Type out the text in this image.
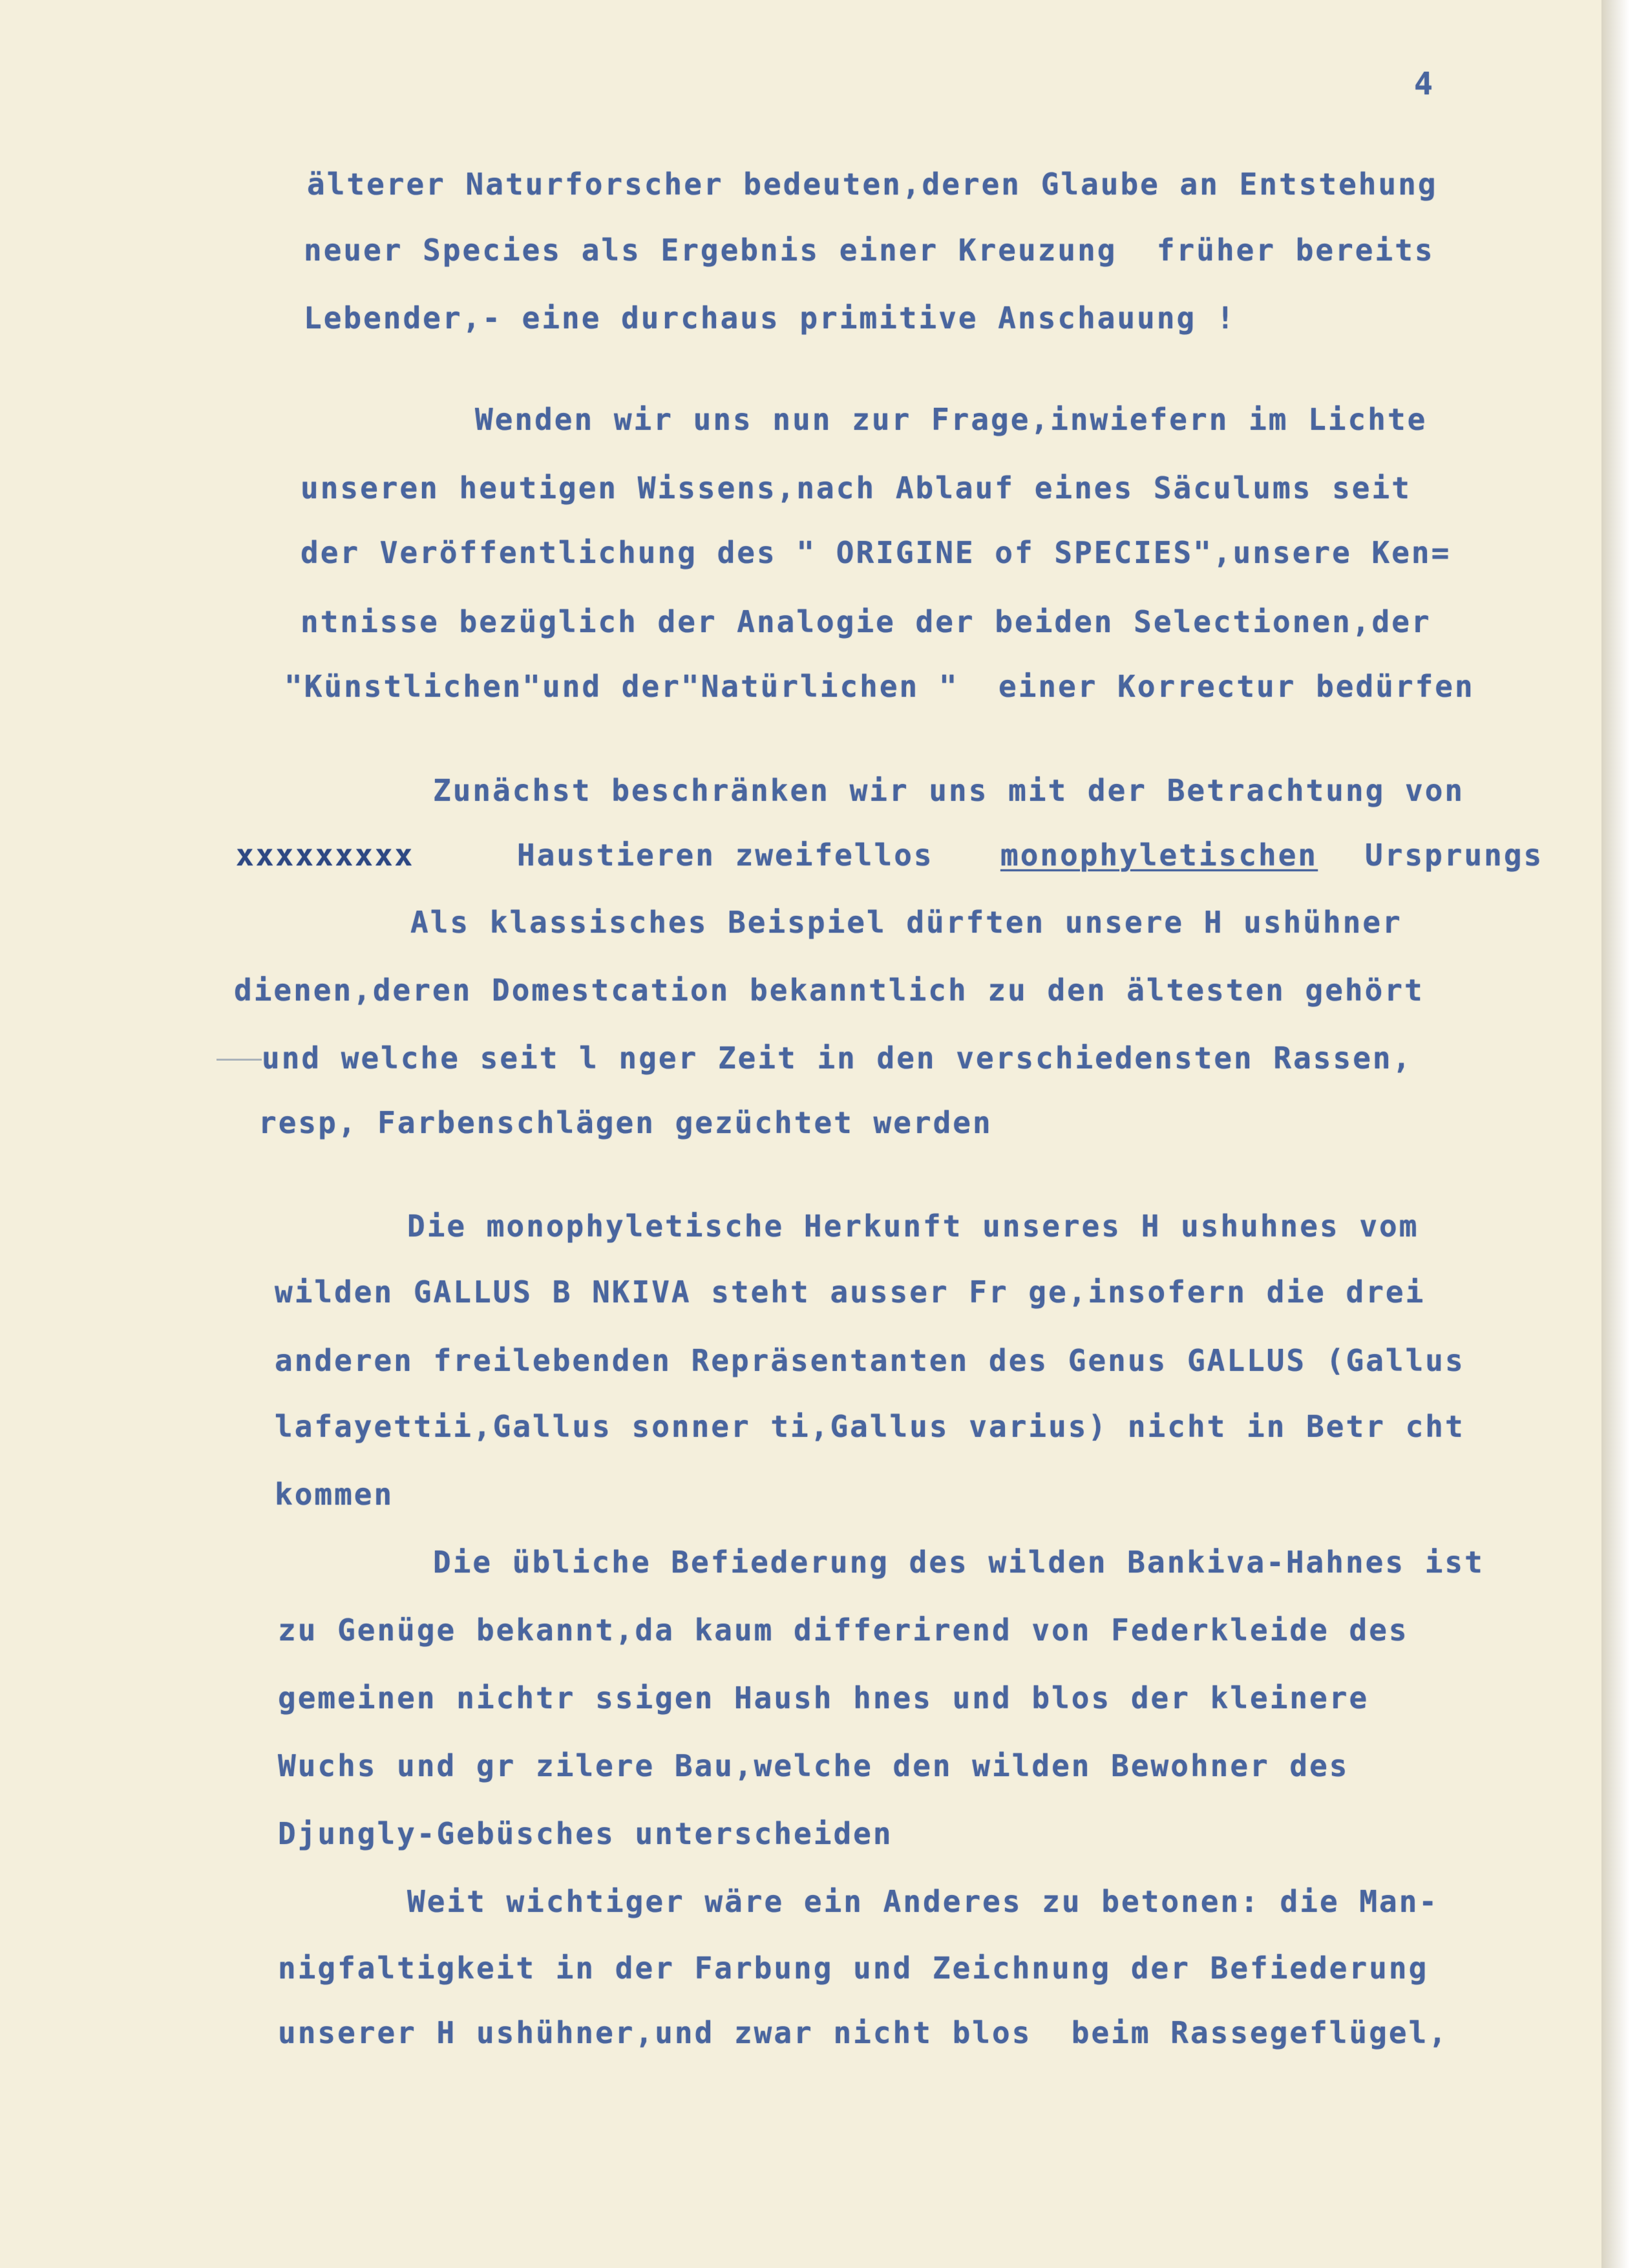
4
älterer Naturforscher bedeuten,deren Glaube an Entstehung
neuer Species als Ergebnis einer Kreuzung  früher bereits
Lebender,- eine durchaus primitive Anschauung !
Wenden wir uns nun zur Frage,inwiefern im Lichte
unseren heutigen Wissens,nach Ablauf eines Säculums seit
der Veröffentlichung des " ORIGINE of SPECIES",unsere Ken=
ntnisse bezüglich der Analogie der beiden Selectionen,der
"Künstlichen"und der"Natürlichen "  einer Korrectur bedürfen
Zunächst beschränken wir uns mit der Betrachtung von
xxxxxxxxx	Haustieren zweifellos monophyletischen Ursprungs
Als klassisches Beispiel dürften unsere H ushühner
dienen,deren Domestcation bekanntlich zu den ältesten gehört
und welche seit l nger Zeit in den verschiedensten Rassen,
resp, Farbenschlägen gezüchtet werden
Die monophyletische Herkunft unseres H ushuhnes vom
wilden GALLUS B NKIVA steht ausser Fr ge,insofern die drei
anderen freilebenden Repräsentanten des Genus GALLUS (Gallus
lafayettii,Gallus sonner ti,Gallus varius) nicht in Betr cht
kommen
Die übliche Befiederung des wilden Bankiva-Hahnes ist
zu Genüge bekannt,da kaum differirend von Federkleide des
gemeinen nichtr ssigen Haush hnes und blos der kleinere
Wuchs und gr zilere Bau,welche den wilden Bewohner des
Djungly-Gebüsches unterscheiden
Weit wichtiger wäre ein Anderes zu betonen: die Man-
nigfaltigkeit in der Farbung und Zeichnung der Befiederung
unserer H ushühner,und zwar nicht blos  beim Rassegeflügel,
